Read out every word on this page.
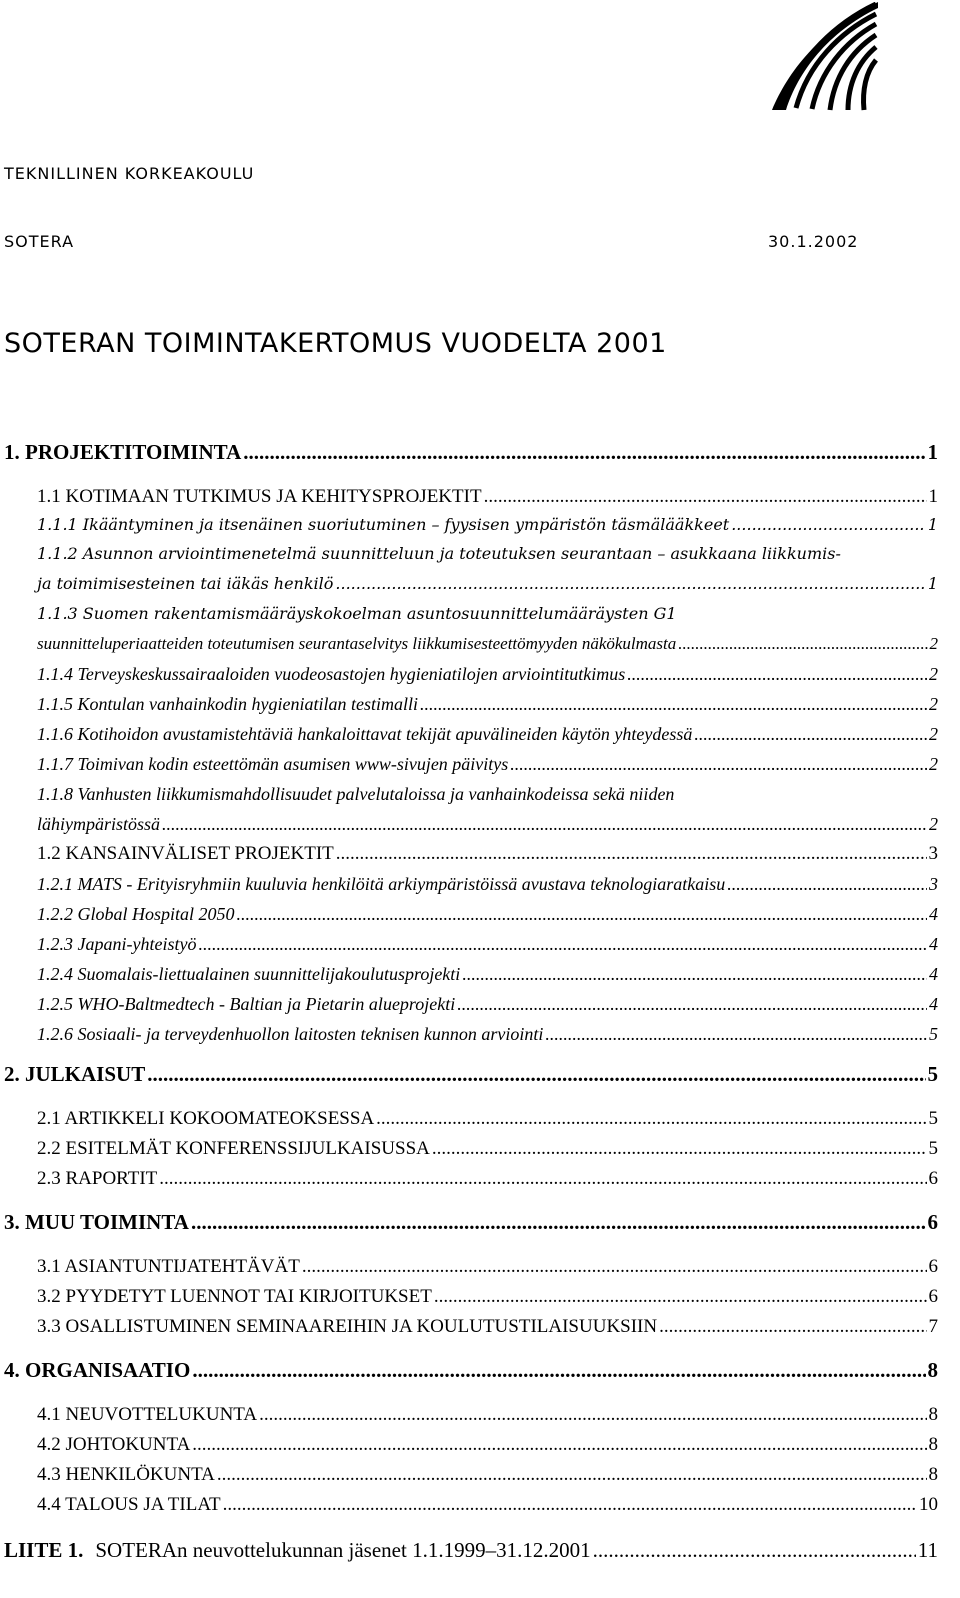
TEKNILLINEN KORKEAKOULU
SOTERA	30.1.2002
SOTERAN TOIMINTAKERTOMUS VUODELTA 2001
1. PROJEKTITOIMINTA .....	1
1.1 KOTIMAAN TUTKIMUS JA KEHITYSPROJEKTIT .....	1
1.1.1 Ikääntyminen ja itsenäinen suoriutuminen – fyysisen ympäristön täsmälääkkeet .....	1
1.1.2 Asunnon arviointimenetelmä suunnitteluun ja toteutuksen seurantaan – asukkaana liikkumis-
ja toimimisesteinen tai iäkäs henkilö .....	1
1.1.3 Suomen rakentamismääräyskokoelman asuntosuunnittelumääräysten G1
suunnitteluperiaatteiden toteutumisen seurantaselvitys liikkumisesteettömyyden näkökulmasta .....	2
1.1.4 Terveyskeskussairaaloiden vuodeosastojen hygieniatilojen arviointitutkimus .....	2
1.1.5 Kontulan vanhainkodin hygieniatilan testimalli .....	2
1.1.6 Kotihoidon avustamistehtäviä hankaloittavat tekijät apuvälineiden käytön yhteydessä .....	2
1.1.7 Toimivan kodin esteettömän asumisen www-sivujen päivitys .....	2
1.1.8 Vanhusten liikkumismahdollisuudet palvelutaloissa ja vanhainkodeissa sekä niiden
lähiympäristössä .....	2
1.2 KANSAINVÄLISET PROJEKTIT .....	3
1.2.1 MATS - Erityisryhmiin kuuluvia henkilöitä arkiympäristöissä avustava teknologiaratkaisu .....	3
1.2.2 Global Hospital 2050 .....	4
1.2.3 Japani-yhteistyö .....	4
1.2.4 Suomalais-liettualainen suunnittelijakoulutusprojekti .....	4
1.2.5 WHO-Baltmedtech - Baltian ja Pietarin alueprojekti .....	4
1.2.6 Sosiaali- ja terveydenhuollon laitosten teknisen kunnon arviointi .....	5
2. JULKAISUT .....	5
2.1 ARTIKKELI KOKOOMATEOKSESSA .....	5
2.2 ESITELMÄT KONFERENSSIJULKAISUSSA .....	5
2.3 RAPORTIT .....	6
3. MUU TOIMINTA .....	6
3.1 ASIANTUNTIJATEHTÄVÄT .....	6
3.2 PYYDETYT LUENNOT TAI KIRJOITUKSET .....	6
3.3 OSALLISTUMINEN SEMINAAREIHIN JA KOULUTUSTILAISUUKSIIN .....	7
4. ORGANISAATIO .....	8
4.1 NEUVOTTELUKUNTA .....	8
4.2 JOHTOKUNTA .....	8
4.3 HENKILÖKUNTA .....	8
4.4 TALOUS JA TILAT .....	10
LIITE 1. SOTERAn neuvottelukunnan jäsenet 1.1.1999–31.12.2001 .....	11
